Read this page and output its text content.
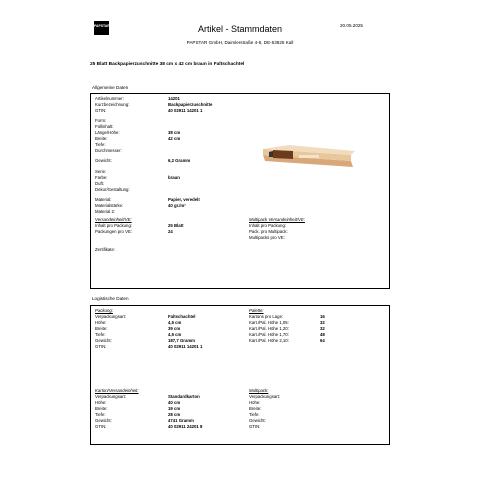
PAPSTAR	Artikel - Stammdaten	20.05.2025
PAPSTAR GmbH, Daimlerstraße 4-8, DE-53925 Kall
25 Blatt Backpapierzuschnitte 38 cm x 42 cm braun in Faltschachtel
Allgemeine Daten
Artikelnummer:	14201
Kurzbezeichnung:	Backpapierzuschnitte
GTIN:	40 02911 14201 1
Form:
Füllinhalt:
Länge/Höhe:	38 cm
Breite:	42 cm
Tiefe:
Durchmesser:
Gewicht:	6,2 Gramm
Serie:
Farbe:	braun
Duft:
Dekor/Gestaltung:
Material:	Papier, veredelt
Materialstärke:	40 gr./m²
Material 2:
Versandeinheit/VE:
Inhalt pro Packung:	25 Blatt
Packungen pro VE:	24
Multipack Versandeinheit/VE:
Inhalt pro Packung:
Pack. pro Multipack:
Multipacks pro VE:
Zertifikate:
Logistische Daten
Packung:
Verpackungsart:	Faltschachtel
Höhe:	4,5 cm
Breite:	39 cm
Tiefe:	4,5 cm
Gewicht:	187,7 Gramm
GTIN:	40 02911 14201 1
Palette:
Kartons pro Lage:	16
Kart./Pal. Höhe 1,05:	32
Kart./Pal. Höhe 1,20:	32
Kart./Pal. Höhe 1,70:	48
Kart./Pal. Höhe 2,10:	64
Karton/Versandeinheit:
Verpackungsart:	Standardkarton
Höhe:	40 cm
Breite:	19 cm
Tiefe:	28 cm
Gewicht:	4741 Gramm
GTIN:	40 02911 24201 8
Multipack:
Verpackungsart:
Höhe:
Breite:
Tiefe:
Gewicht:
GTIN:
